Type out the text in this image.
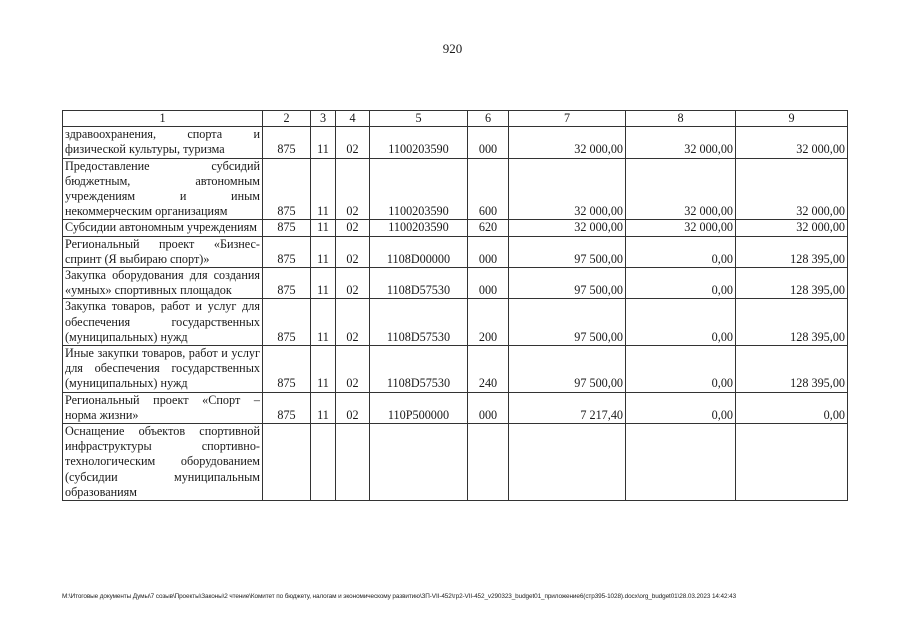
920
1	2	3	4	5	6	7	8	9
здравоохранения, спорта и физической культуры, туризма	875	11	02	1100203590	000	32 000,00	32 000,00	32 000,00
Предоставление субсидий бюджетным, автономным учреждениям и иным некоммерческим организациям	875	11	02	1100203590	600	32 000,00	32 000,00	32 000,00
Субсидии автономным учреждениям	875	11	02	1100203590	620	32 000,00	32 000,00	32 000,00
Региональный проект «Бизнес-спринт (Я выбираю спорт)»	875	11	02	1108D00000	000	97 500,00	0,00	128 395,00
Закупка оборудования для создания «умных» спортивных площадок	875	11	02	1108D57530	000	97 500,00	0,00	128 395,00
Закупка товаров, работ и услуг для обеспечения государственных (муниципальных) нужд	875	11	02	1108D57530	200	97 500,00	0,00	128 395,00
Иные закупки товаров, работ и услуг для обеспечения государственных (муниципальных) нужд	875	11	02	1108D57530	240	97 500,00	0,00	128 395,00
Региональный проект «Спорт – норма жизни»	875	11	02	110P500000	000	7 217,40	0,00	0,00
Оснащение объектов спортивной инфраструктуры спортивно-технологическим оборудованием (субсидии муниципальным образованиям								
M:\Итоговые документы Думы\7 созыв\Проекты\Законы\2 чтение\Комитет по бюджету, налогам и экономическому развитию\ЗП-VII-452\гр2-VII-452_v290323_budget01_приложение6(стр395-1028).docx\org_budget01\28.03.2023 14:42:43
